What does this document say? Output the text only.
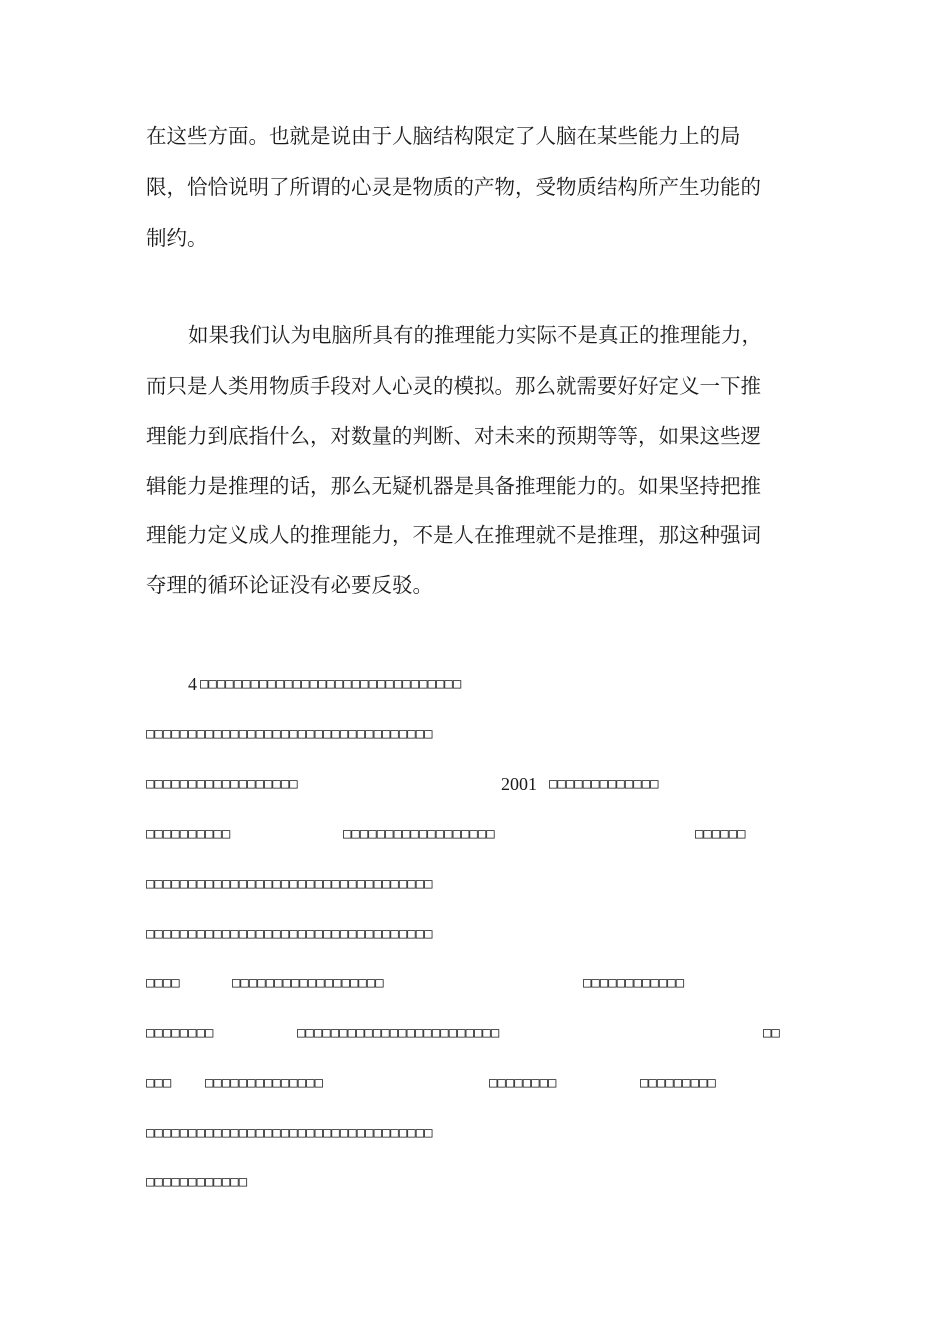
在这些方面。也就是说由于人脑结构限定了人脑在某些能力上的局
限，恰恰说明了所谓的心灵是物质的产物，受物质结构所产生功能的
制约。
如果我们认为电脑所具有的推理能力实际不是真正的推理能力，
而只是人类用物质手段对人心灵的模拟。那么就需要好好定义一下推
理能力到底指什么，对数量的判断、对未来的预期等等，如果这些逻
辑能力是推理的话，那么无疑机器是具备推理能力的。如果坚持把推
理能力定义成人的推理能力，不是人在推理就不是推理，那这种强词
夺理的循环论证没有必要反驳。
4 □□□□□□□□□□□□□□□□□□□□□□□□□□□□□□□
□□□□□□□□□□□□□□□□□□□□□□□□□□□□□□□□□□
□□□□□□□□□□□□□□□□□□	2001 □□□□□□□□□□□□□
□□□□□□□□□□	□□□□□□□□□□□□□□□□□□	□□□□□□
□□□□□□□□□□□□□□□□□□□□□□□□□□□□□□□□□□
□□□□□□□□□□□□□□□□□□□□□□□□□□□□□□□□□□
□□□□	□□□□□□□□□□□□□□□□□□	□□□□□□□□□□□□
□□□□□□□□	□□□□□□□□□□□□□□□□□□□□□□□□	□□
□□□ □□□□□□□□□□□□□□	□□□□□□□□	□□□□□□□□□
□□□□□□□□□□□□□□□□□□□□□□□□□□□□□□□□□□
□□□□□□□□□□□□
